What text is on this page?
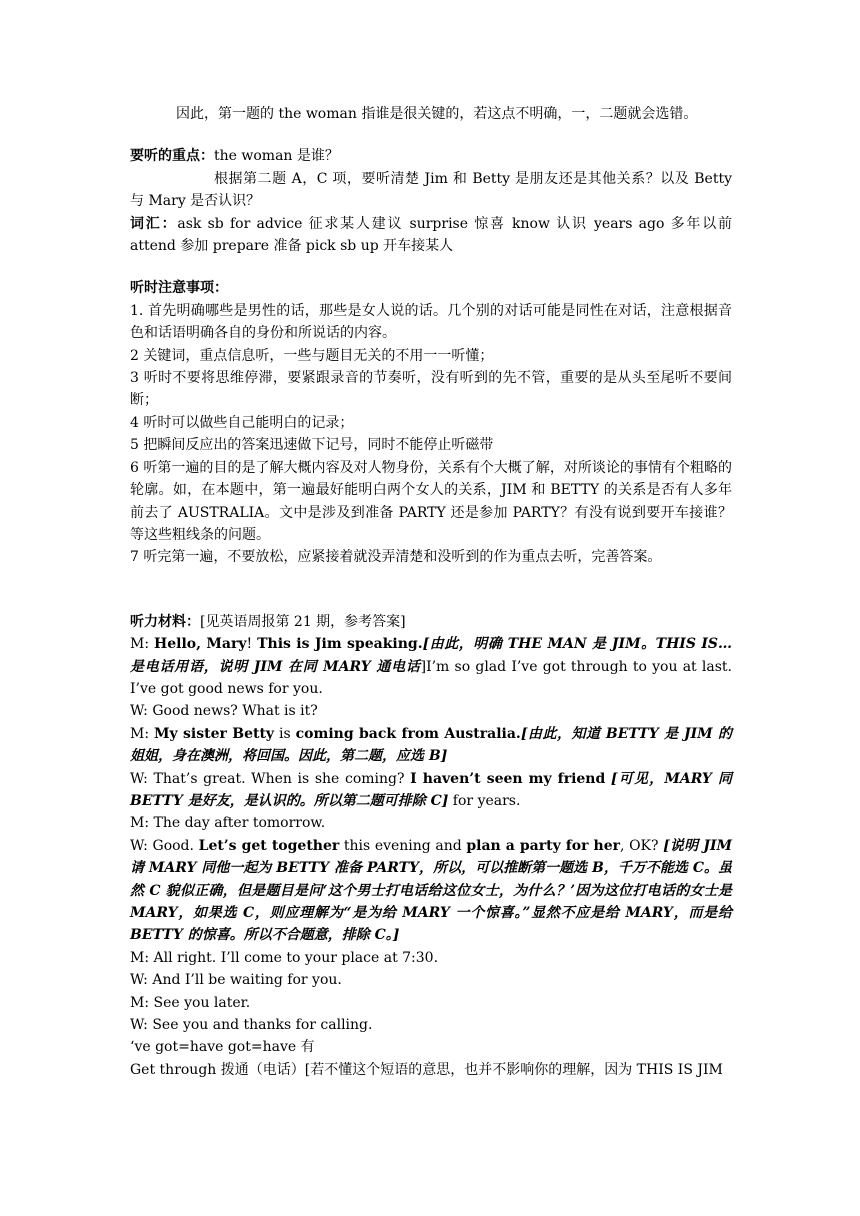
因此，第一题的 the woman 指谁是很关键的，若这点不明确，一，二题就会选错。

要听的重点：the woman 是谁？

根据第二题 A，C 项，要听清楚 Jim 和 Betty 是朋友还是其他关系？以及 Betty 与 Mary 是否认识？

词汇：ask sb for advice 征求某人建议 surprise 惊喜 know 认识 years ago 多年以前 attend 参加 prepare 准备 pick sb up 开车接某人

听时注意事项：

1. 首先明确哪些是男性的话，那些是女人说的话。几个别的对话可能是同性在对话，注意根据音色和话语明确各自的身份和所说话的内容。

2 关键词，重点信息听，一些与题目无关的不用一一听懂；

3 听时不要将思维停滞，要紧跟录音的节奏听，没有听到的先不管，重要的是从头至尾听不要间断；

4 听时可以做些自己能明白的记录；

5 把瞬间反应出的答案迅速做下记号，同时不能停止听磁带

6 听第一遍的目的是了解大概内容及对人物身份，关系有个大概了解，对所谈论的事情有个粗略的轮廓。如，在本题中，第一遍最好能明白两个女人的关系，JIM 和 BETTY 的关系是否有人多年前去了 AUSTRALIA。文中是涉及到准备 PARTY 还是参加 PARTY？有没有说到要开车接谁？等这些粗线条的问题。

7 听完第一遍，不要放松，应紧接着就没弄清楚和没听到的作为重点去听，完善答案。

听力材料：[见英语周报第 21 期，参考答案]

M: Hello, Mary! This is Jim speaking.[由此，明确 THE MAN 是 JIM。THIS IS…是电话用语，说明 JIM 在同 MARY 通电话]I’m so glad I’ve got through to you at last. I’ve got good news for you.

W: Good news? What is it?

M: My sister Betty is coming back from Australia.[由此，知道 BETTY 是 JIM 的姐姐，身在澳洲，将回国。因此，第二题，应选 B]

W: That’s great. When is she coming? I haven’t seen my friend [可见，MARY 同 BETTY 是好友，是认识的。所以第二题可排除 C] for years.

M: The day after tomorrow.

W: Good. Let’s get together this evening and plan a party for her, OK? [说明 JIM 请 MARY 同他一起为 BETTY 准备 PARTY，所以，可以推断第一题选 B，千万不能选 C。虽然 C 貌似正确，但是题目是问‘这个男士打电话给这位女士，为什么？’因为这位打电话的女士是 MARY，如果选 C，则应理解为“是为给 MARY 一个惊喜。”显然不应是给 MARY，而是给 BETTY 的惊喜。所以不合题意，排除 C。]

M: All right. I’ll come to your place at 7:30.

W: And I’ll be waiting for you.

M: See you later.

W: See you and thanks for calling.

‘ve got=have got=have 有

Get through 拨通（电话）[若不懂这个短语的意思，也并不影响你的理解，因为 THIS IS JIM
